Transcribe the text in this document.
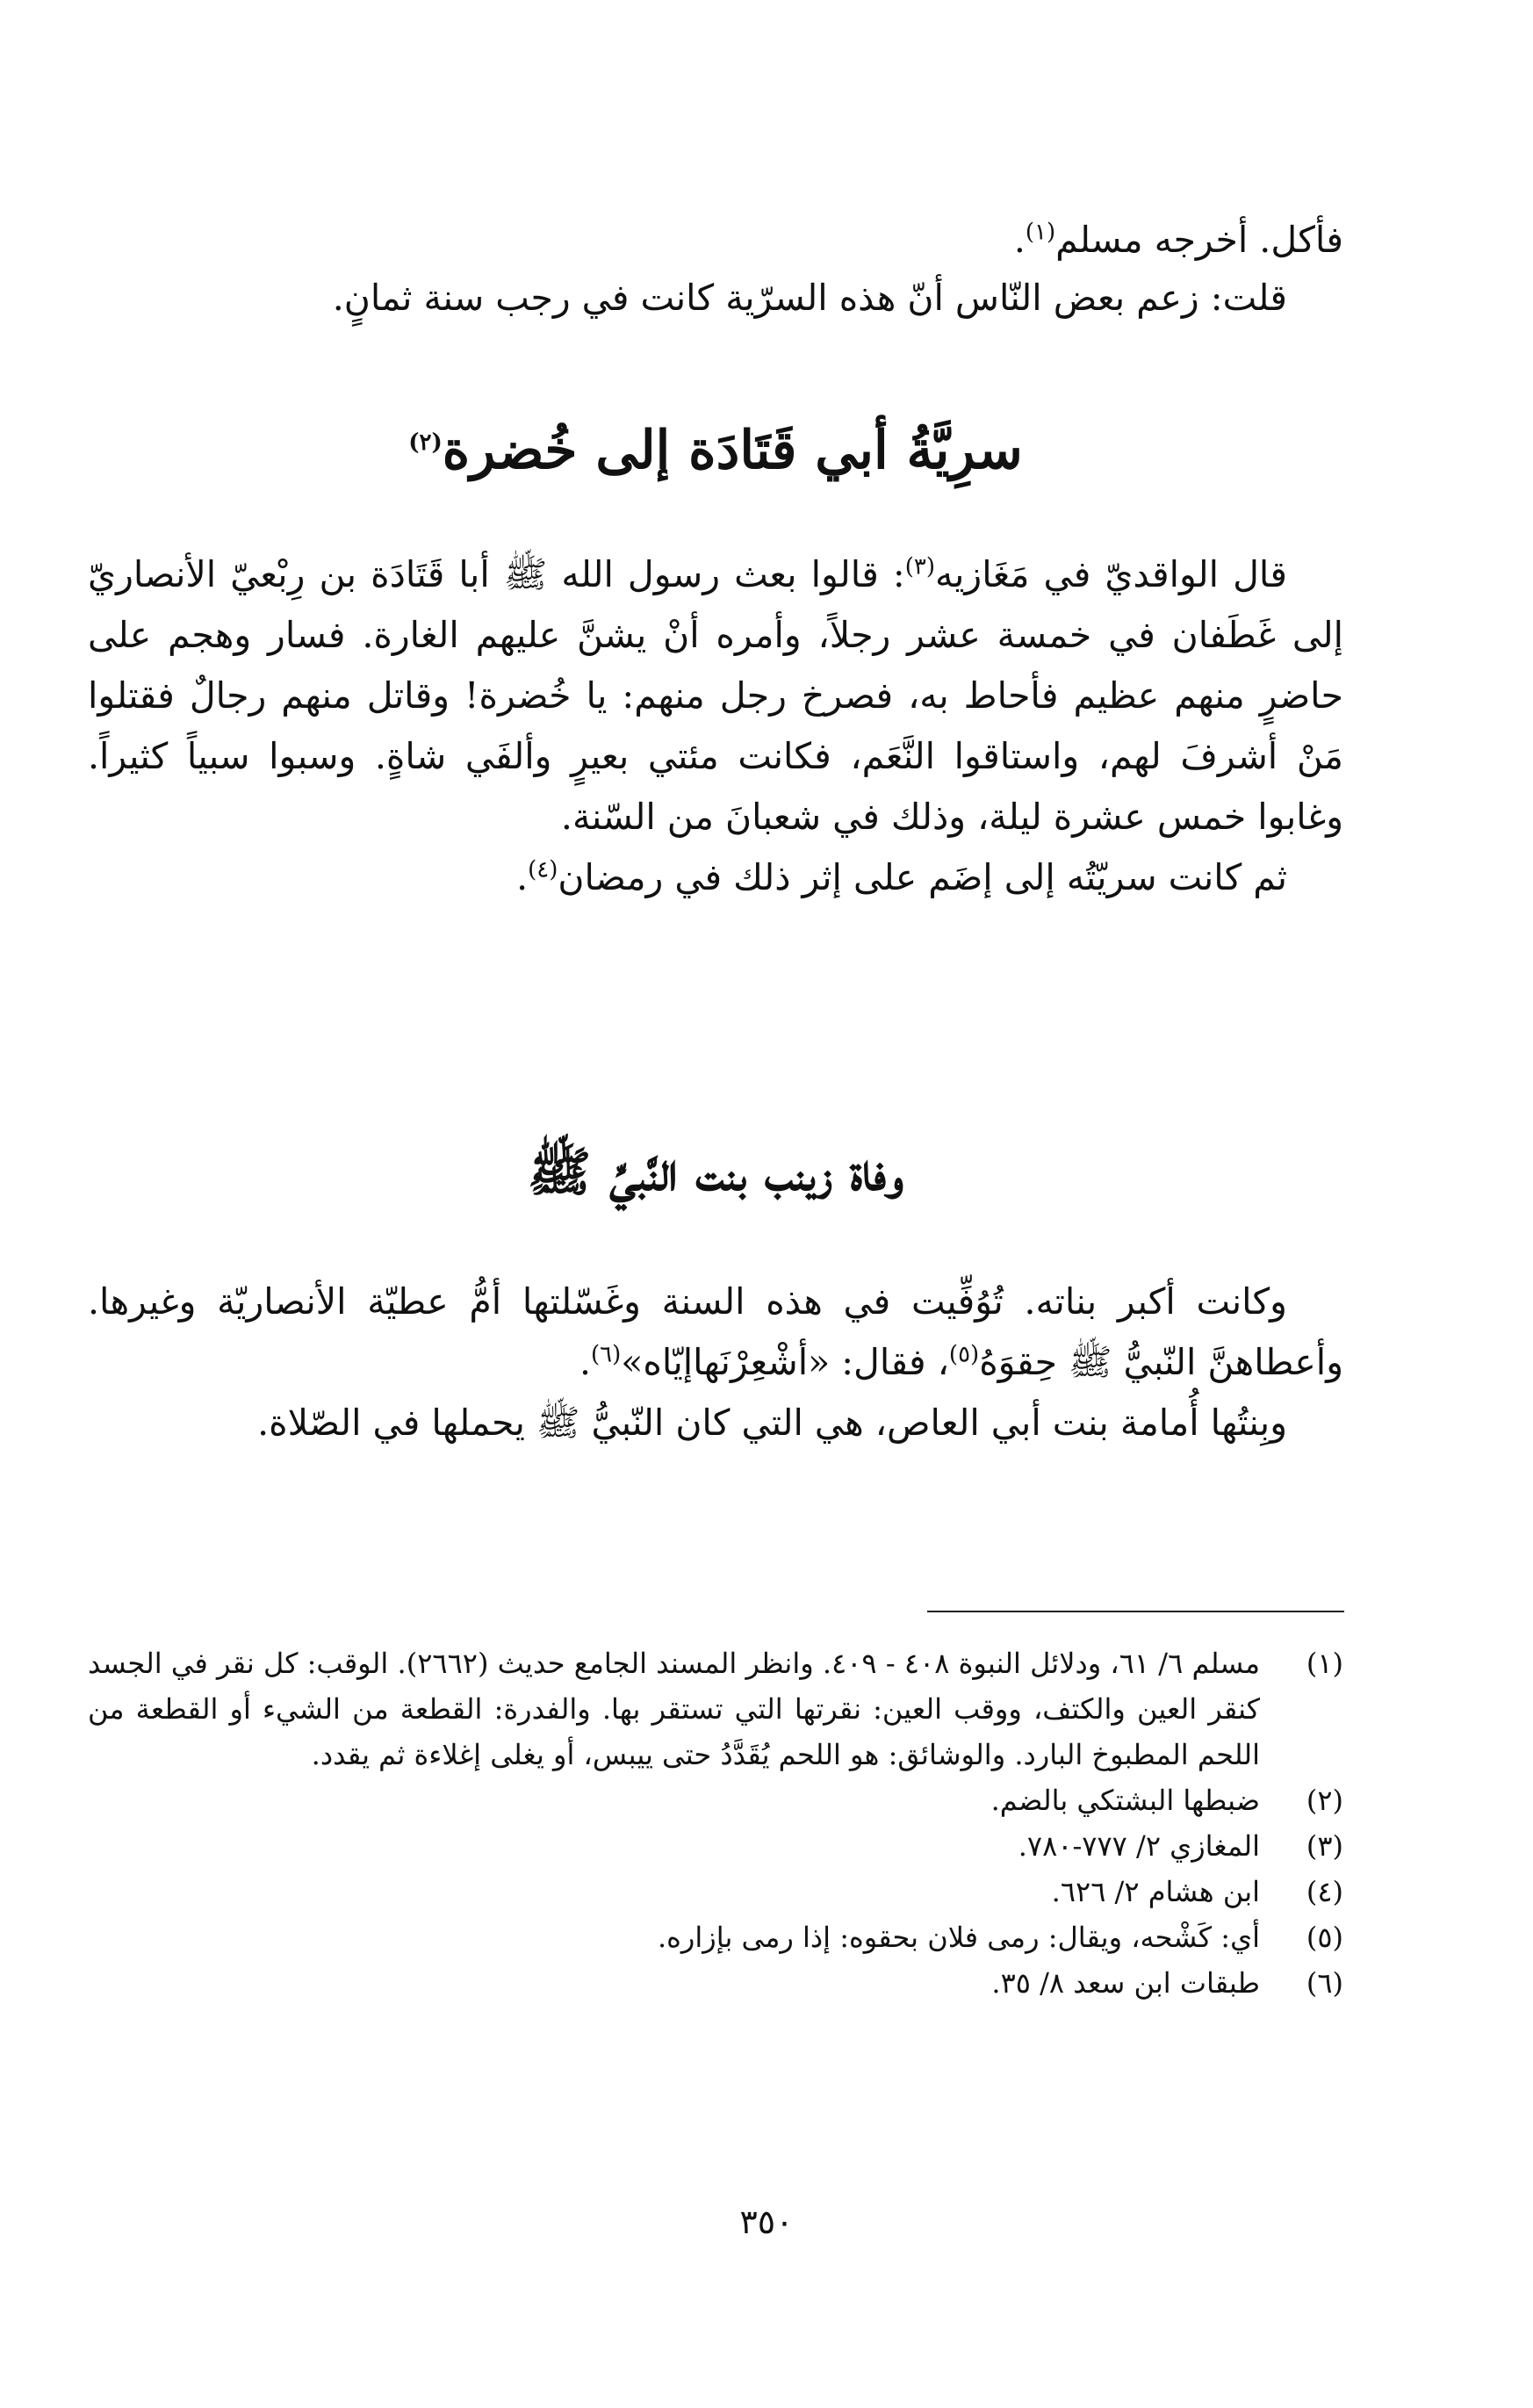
فأكل. أخرجه مسلم$^{(١)}$.

قلت: زعم بعض النّاس أنّ هذه السرّية كانت في رجب سنة ثمانٍ.

سرِيَّةُ أبي قَتَادَة إلى خُضرة$^{(٢)}$

قال الواقديّ في مَغَازيه$^{(٣)}$: قالوا بعث رسول الله ﷺ أبا قَتَادَة بن رِبْعيّ الأنصاريّ إلى غَطَفان في خمسة عشر رجلاً، وأمره أنْ يشنَّ عليهم الغارة. فسار وهجم على حاضرٍ منهم عظيم فأحاط به، فصرخ رجل منهم: يا خُضرة! وقاتل منهم رجالٌ فقتلوا مَنْ أشرفَ لهم، واستاقوا النَّعَم، فكانت مئتي بعيرٍ وألفَي شاةٍ. وسبوا سبياً كثيراً. وغابوا خمس عشرة ليلة، وذلك في شعبانَ من السّنة.

ثم كانت سريّتُه إلى إضَم على إثر ذلك في رمضان$^{(٤)}$.

وفاة زينب بنت النَّبيِّ ﷺ

وكانت أكبر بناته. تُوُفِّيت في هذه السنة وغَسّلتها أمُّ عطيّة الأنصاريّة وغيرها. وأعطاهنَّ النّبيُّ ﷺ حِقوَهُ$^{(٥)}$، فقال: «أشْعِرْنَهاإيّاه»$^{(٦)}$.

وبِنتُها أُمامة بنت أبي العاص، هي التي كان النّبيُّ ﷺ يحملها في الصّلاة.

(١)
مسلم ٦/ ٦١، ودلائل النبوة ٤٠٨ - ٤٠٩. وانظر المسند الجامع حديث (٢٦٦٢). الوقب: كل نقر في الجسد كنقر العين والكتف، ووقب العين: نقرتها التي تستقر بها. والفدرة: القطعة من الشيء أو القطعة من اللحم المطبوخ البارد. والوشائق: هو اللحم يُقَدَّدُ حتى ييبس، أو يغلى إغلاءة ثم يقدد.
(٢)
ضبطها البشتكي بالضم.
(٣)
المغازي ٢/ ٧٧٧-٧٨٠.
(٤)
ابن هشام ٢/ ٦٢٦.
(٥)
أي: كَشْحه، ويقال: رمى فلان بحقوه: إذا رمى بإزاره.
(٦)
طبقات ابن سعد ٨/ ٣٥.
٣٥٠
